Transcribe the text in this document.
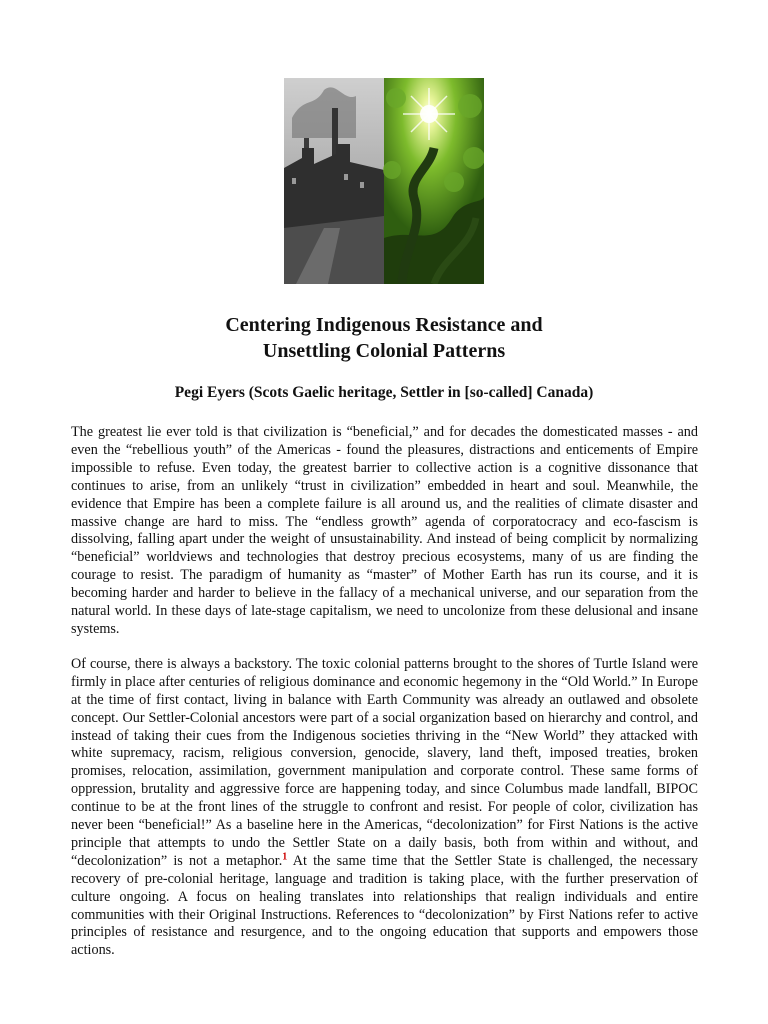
Centering Indigenous Resistance and
Unsettling Colonial Patterns
Pegi Eyers (Scots Gaelic heritage, Settler in [so-called] Canada)

The greatest lie ever told is that civilization is “beneficial,” and for decades the domesticated masses - and even the “rebellious youth” of the Americas - found the pleasures, distractions and enticements of Empire impossible to refuse. Even today, the greatest barrier to collective action is a cognitive dissonance that continues to arise, from an unlikely “trust in civilization” embedded in heart and soul. Meanwhile, the evidence that Empire has been a complete failure is all around us, and the realities of climate disaster and massive change are hard to miss. The “endless growth” agenda of corporatocracy and eco-fascism is dissolving, falling apart under the weight of unsustainability. And instead of being complicit by normalizing “beneficial” worldviews and technologies that destroy precious ecosystems, many of us are finding the courage to resist. The paradigm of humanity as “master” of Mother Earth has run its course, and it is becoming harder and harder to believe in the fallacy of a mechanical universe, and our separation from the natural world. In these days of late-stage capitalism, we need to uncolonize from these delusional and insane systems.

Of course, there is always a backstory. The toxic colonial patterns brought to the shores of Turtle Island were firmly in place after centuries of religious dominance and economic hegemony in the “Old World.” In Europe at the time of first contact, living in balance with Earth Community was already an outlawed and obsolete concept. Our Settler-Colonial ancestors were part of a social organization based on hierarchy and control, and instead of taking their cues from the Indigenous societies thriving in the “New World” they attacked with white supremacy, racism, religious conversion, genocide, slavery, land theft, imposed treaties, broken promises, relocation, assimilation, government manipulation and corporate control. These same forms of oppression, brutality and aggressive force are happening today, and since Columbus made landfall, BIPOC continue to be at the front lines of the struggle to confront and resist. For people of color, civilization has never been “beneficial!” As a baseline here in the Americas, “decolonization” for First Nations is the active principle that attempts to undo the Settler State on a daily basis, both from within and without, and “decolonization” is not a metaphor.$^1$ At the same time that the Settler State is challenged, the necessary recovery of pre-colonial heritage, language and tradition is taking place, with the further preservation of culture ongoing. A focus on healing translates into relationships that realign individuals and entire communities with their Original Instructions. References to “decolonization” by First Nations refer to active principles of resistance and resurgence, and to the ongoing education that supports and empowers those actions.
